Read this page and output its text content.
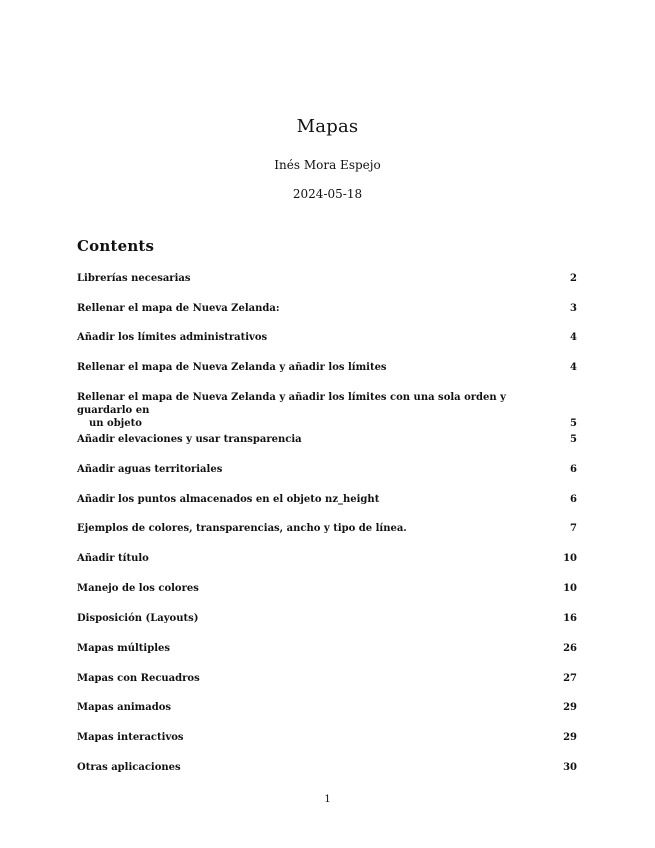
Mapas
Inés Mora Espejo
2024-05-18
Contents
Librerías necesarias	2
Rellenar el mapa de Nueva Zelanda:	3
Añadir los límites administrativos	4
Rellenar el mapa de Nueva Zelanda y añadir los límites	4
Rellenar el mapa de Nueva Zelanda y añadir los límites con una sola orden y guardarlo en
un objeto	5
Añadir elevaciones y usar transparencia	5
Añadir aguas territoriales	6
Añadir los puntos almacenados en el objeto nz_height	6
Ejemplos de colores, transparencias, ancho y tipo de línea.	7
Añadir título	10
Manejo de los colores	10
Disposición (Layouts)	16
Mapas múltiples	26
Mapas con Recuadros	27
Mapas animados	29
Mapas interactivos	29
Otras aplicaciones	30
1
